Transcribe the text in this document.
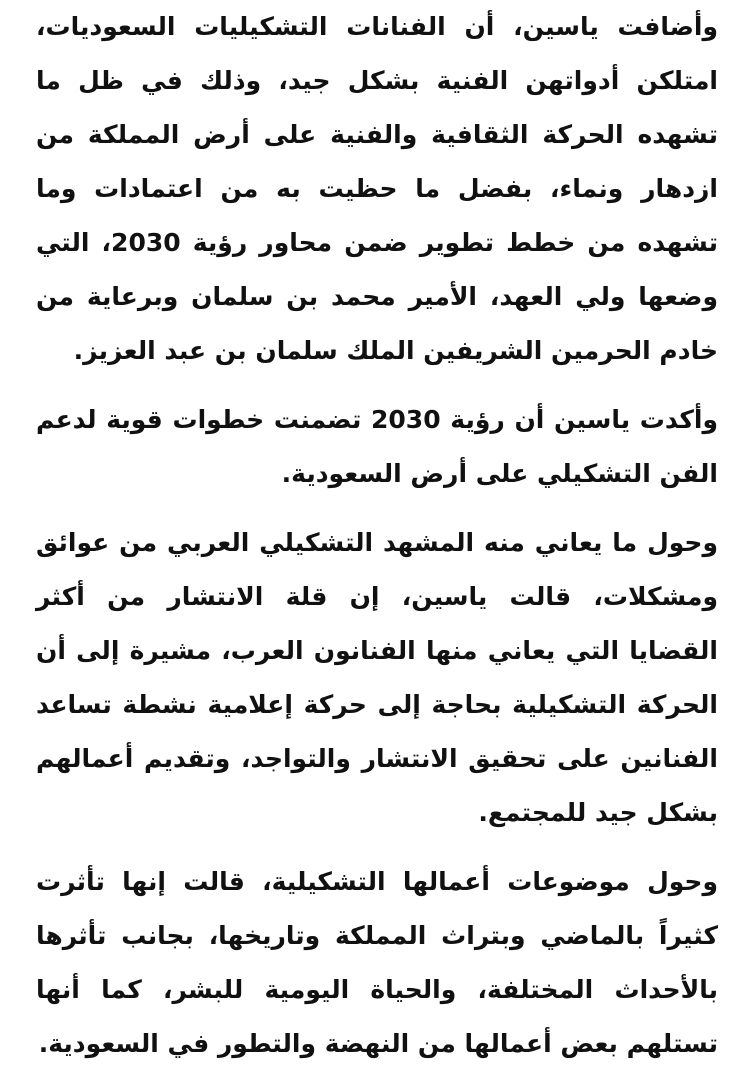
وأضافت ياسين، أن الفنانات التشكيليات السعوديات، امتلكن أدواتهن الفنية بشكل جيد، وذلك في ظل ما تشهده الحركة الثقافية والفنية على أرض المملكة من ازدهار ونماء، بفضل ما حظيت به من اعتمادات وما تشهده من خطط تطوير ضمن محاور رؤية 2030، التي وضعها ولي العهد، الأمير محمد بن سلمان وبرعاية من خادم الحرمين الشريفين الملك سلمان بن عبد العزيز.

وأكدت ياسين أن رؤية 2030 تضمنت خطوات قوية لدعم الفن التشكيلي على أرض السعودية.

وحول ما يعاني منه المشهد التشكيلي العربي من عوائق ومشكلات، قالت ياسين، إن قلة الانتشار من أكثر القضايا التي يعاني منها الفنانون العرب، مشيرة إلى أن الحركة التشكيلية بحاجة إلى حركة إعلامية نشطة تساعد الفنانين على تحقيق الانتشار والتواجد، وتقديم أعمالهم بشكل جيد للمجتمع.

وحول موضوعات أعمالها التشكيلية، قالت إنها تأثرت كثيراً بالماضي وبتراث المملكة وتاريخها، بجانب تأثرها بالأحداث المختلفة، والحياة اليومية للبشر، كما أنها تستلهم بعض أعمالها من النهضة والتطور في السعودية.
